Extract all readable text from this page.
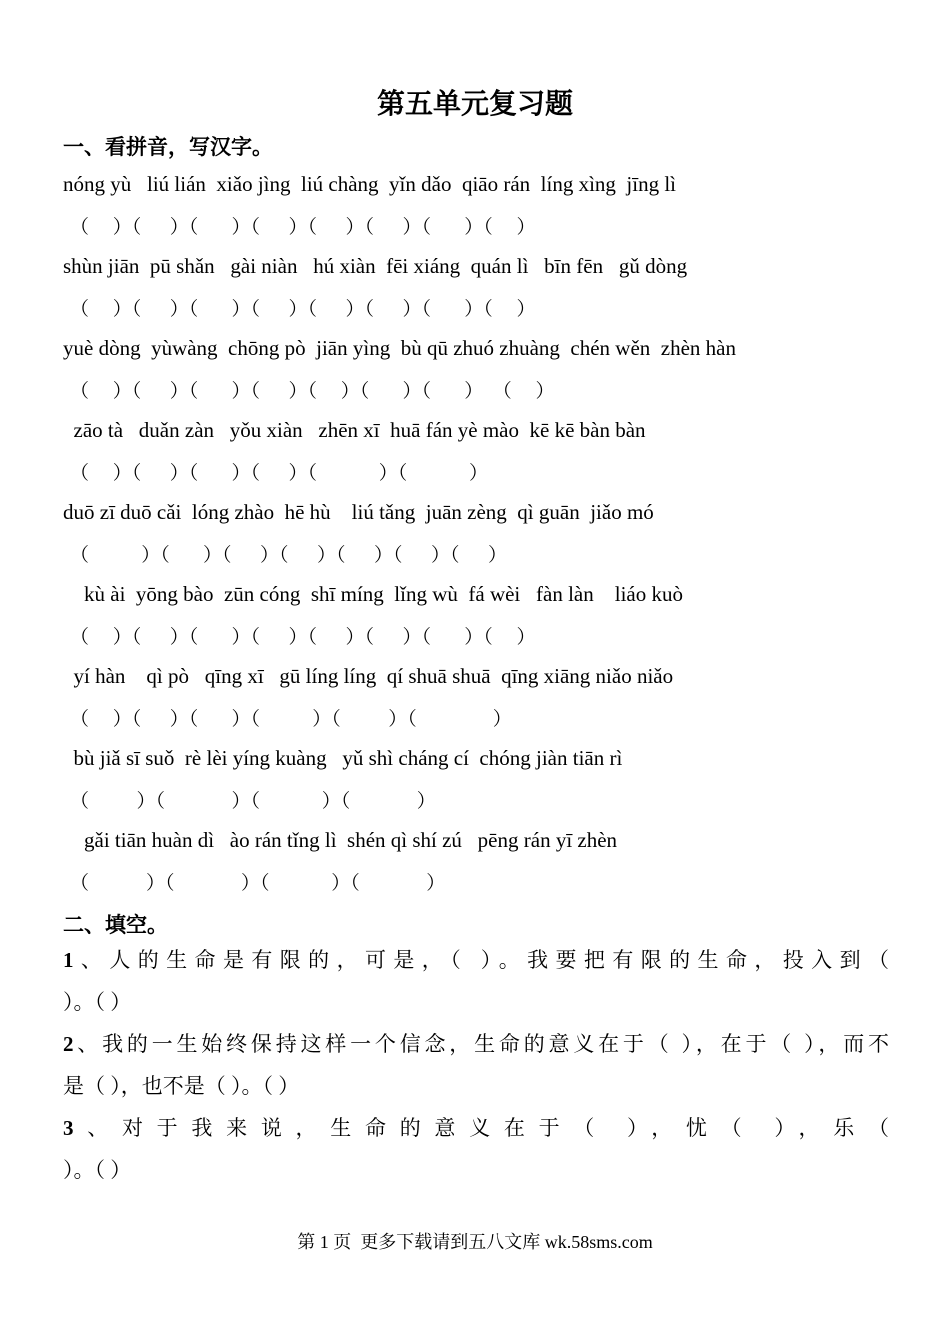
第五单元复习题
一、看拼音，写汉字。
nóng yù   liú lián  xiǎo jìng  liú chàng  yǐn dǎo  qiāo rán  líng xìng  jīng lì
（     ）（      ）（       ）（      ）（      ）（      ）（       ）（     ）
shùn jiān  pū shǎn   gài niàn   hú xiàn  fēi xiáng  quán lì   bīn fēn   gǔ dòng
（     ）（      ）（       ）（      ）（      ）（      ）（       ）（     ）
yuè dòng  yùwàng  chōng pò  jiān yìng  bù qū zhuó zhuàng  chén wěn  zhèn hàn
（     ）（      ）（       ）（      ）（     ）（       ）（       ）  （     ）
zāo tà   duǎn zàn   yǒu xiàn   zhēn xī  huā fán yè mào  kē kē bàn bàn
（     ）（      ）（       ）（      ）（             ）（             ）
duō zī duō cǎi  lóng zhào  hē hù    liú tǎng  juān zèng  qì guān  jiǎo mó
（           ）（       ）（      ）（      ）（      ）（      ）（      ）
kù ài  yōng bào  zūn cóng  shī míng  lǐng wù  fá wèi   fàn làn    liáo kuò
（     ）（      ）（       ）（      ）（      ）（      ）（       ）（     ）
yí hàn    qì pò   qīng xī   gū líng líng  qí shuā shuā  qīng xiāng niǎo niǎo
（     ）（      ）（       ）（           ）（          ）（                ）
bù jiǎ sī suǒ  rè lèi yíng kuàng   yǔ shì cháng cí  chóng jiàn tiān rì
（          ）（              ）（             ）（              ）
gǎi tiān huàn dì   ào rán tǐng lì  shén qì shí zú   pēng rán yī zhèn
（            ）（              ）（             ）（              ）
二、填空。
1、人的生命是有限的，可是，（ ）。我要把有限的生命，投入到（
）。（ ）
2、我的一生始终保持这样一个信念，生命的意义在于（ ），在于（ ），而不
是（ ），也不是（ ）。（ ）
3、对于我来说，生命的意义在于（ ），忧（ ），乐（
）。（ ）
第 1 页  更多下载请到五八文库 wk.58sms.com
